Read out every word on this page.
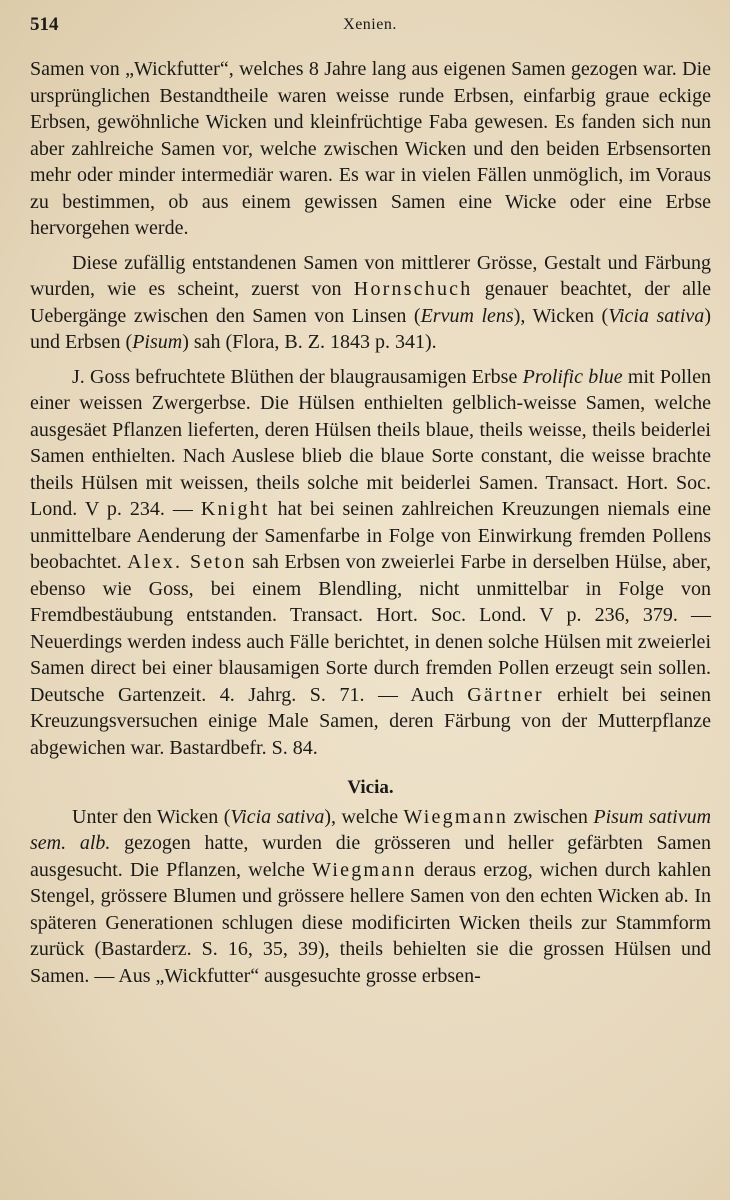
514	Xenien.

Samen von „Wickfutter“, welches 8 Jahre lang aus eigenen Samen gezogen war. Die ursprünglichen Bestandtheile waren weisse runde Erbsen, einfarbig graue eckige Erbsen, gewöhnliche Wicken und kleinfrüchtige Faba gewesen. Es fanden sich nun aber zahlreiche Samen vor, welche zwischen Wicken und den beiden Erbsensorten mehr oder minder intermediär waren. Es war in vielen Fällen unmöglich, im Voraus zu bestimmen, ob aus einem gewissen Samen eine Wicke oder eine Erbse hervorgehen werde.

Diese zufällig entstandenen Samen von mittlerer Grösse, Gestalt und Färbung wurden, wie es scheint, zuerst von Hornschuch genauer beachtet, der alle Uebergänge zwischen den Samen von Linsen (Ervum lens), Wicken (Vicia sativa) und Erbsen (Pisum) sah (Flora, B. Z. 1843 p. 341).

J. Goss befruchtete Blüthen der blaugrausamigen Erbse Prolific blue mit Pollen einer weissen Zwergerbse. Die Hülsen enthielten gelblich-weisse Samen, welche ausgesäet Pflanzen lieferten, deren Hülsen theils blaue, theils weisse, theils beiderlei Samen enthielten. Nach Auslese blieb die blaue Sorte constant, die weisse brachte theils Hülsen mit weissen, theils solche mit beiderlei Samen. Transact. Hort. Soc. Lond. V p. 234. — Knight hat bei seinen zahlreichen Kreuzungen niemals eine unmittelbare Aenderung der Samenfarbe in Folge von Einwirkung fremden Pollens beobachtet. Alex. Seton sah Erbsen von zweierlei Farbe in derselben Hülse, aber, ebenso wie Goss, bei einem Blendling, nicht unmittelbar in Folge von Fremdbestäubung entstanden. Transact. Hort. Soc. Lond. V p. 236, 379. — Neuerdings werden indess auch Fälle berichtet, in denen solche Hülsen mit zweierlei Samen direct bei einer blausamigen Sorte durch fremden Pollen erzeugt sein sollen. Deutsche Gartenzeit. 4. Jahrg. S. 71. — Auch Gärtner erhielt bei seinen Kreuzungsversuchen einige Male Samen, deren Färbung von der Mutterpflanze abgewichen war. Bastardbefr. S. 84.

Vicia.

Unter den Wicken (Vicia sativa), welche Wiegmann zwischen Pisum sativum sem. alb. gezogen hatte, wurden die grösseren und heller gefärbten Samen ausgesucht. Die Pflanzen, welche Wiegmann deraus erzog, wichen durch kahlen Stengel, grössere Blumen und grössere hellere Samen von den echten Wicken ab. In späteren Generationen schlugen diese modificirten Wicken theils zur Stammform zurück (Bastarderz. S. 16, 35, 39), theils behielten sie die grossen Hülsen und Samen. — Aus „Wickfutter“ ausgesuchte grosse erbsen-
